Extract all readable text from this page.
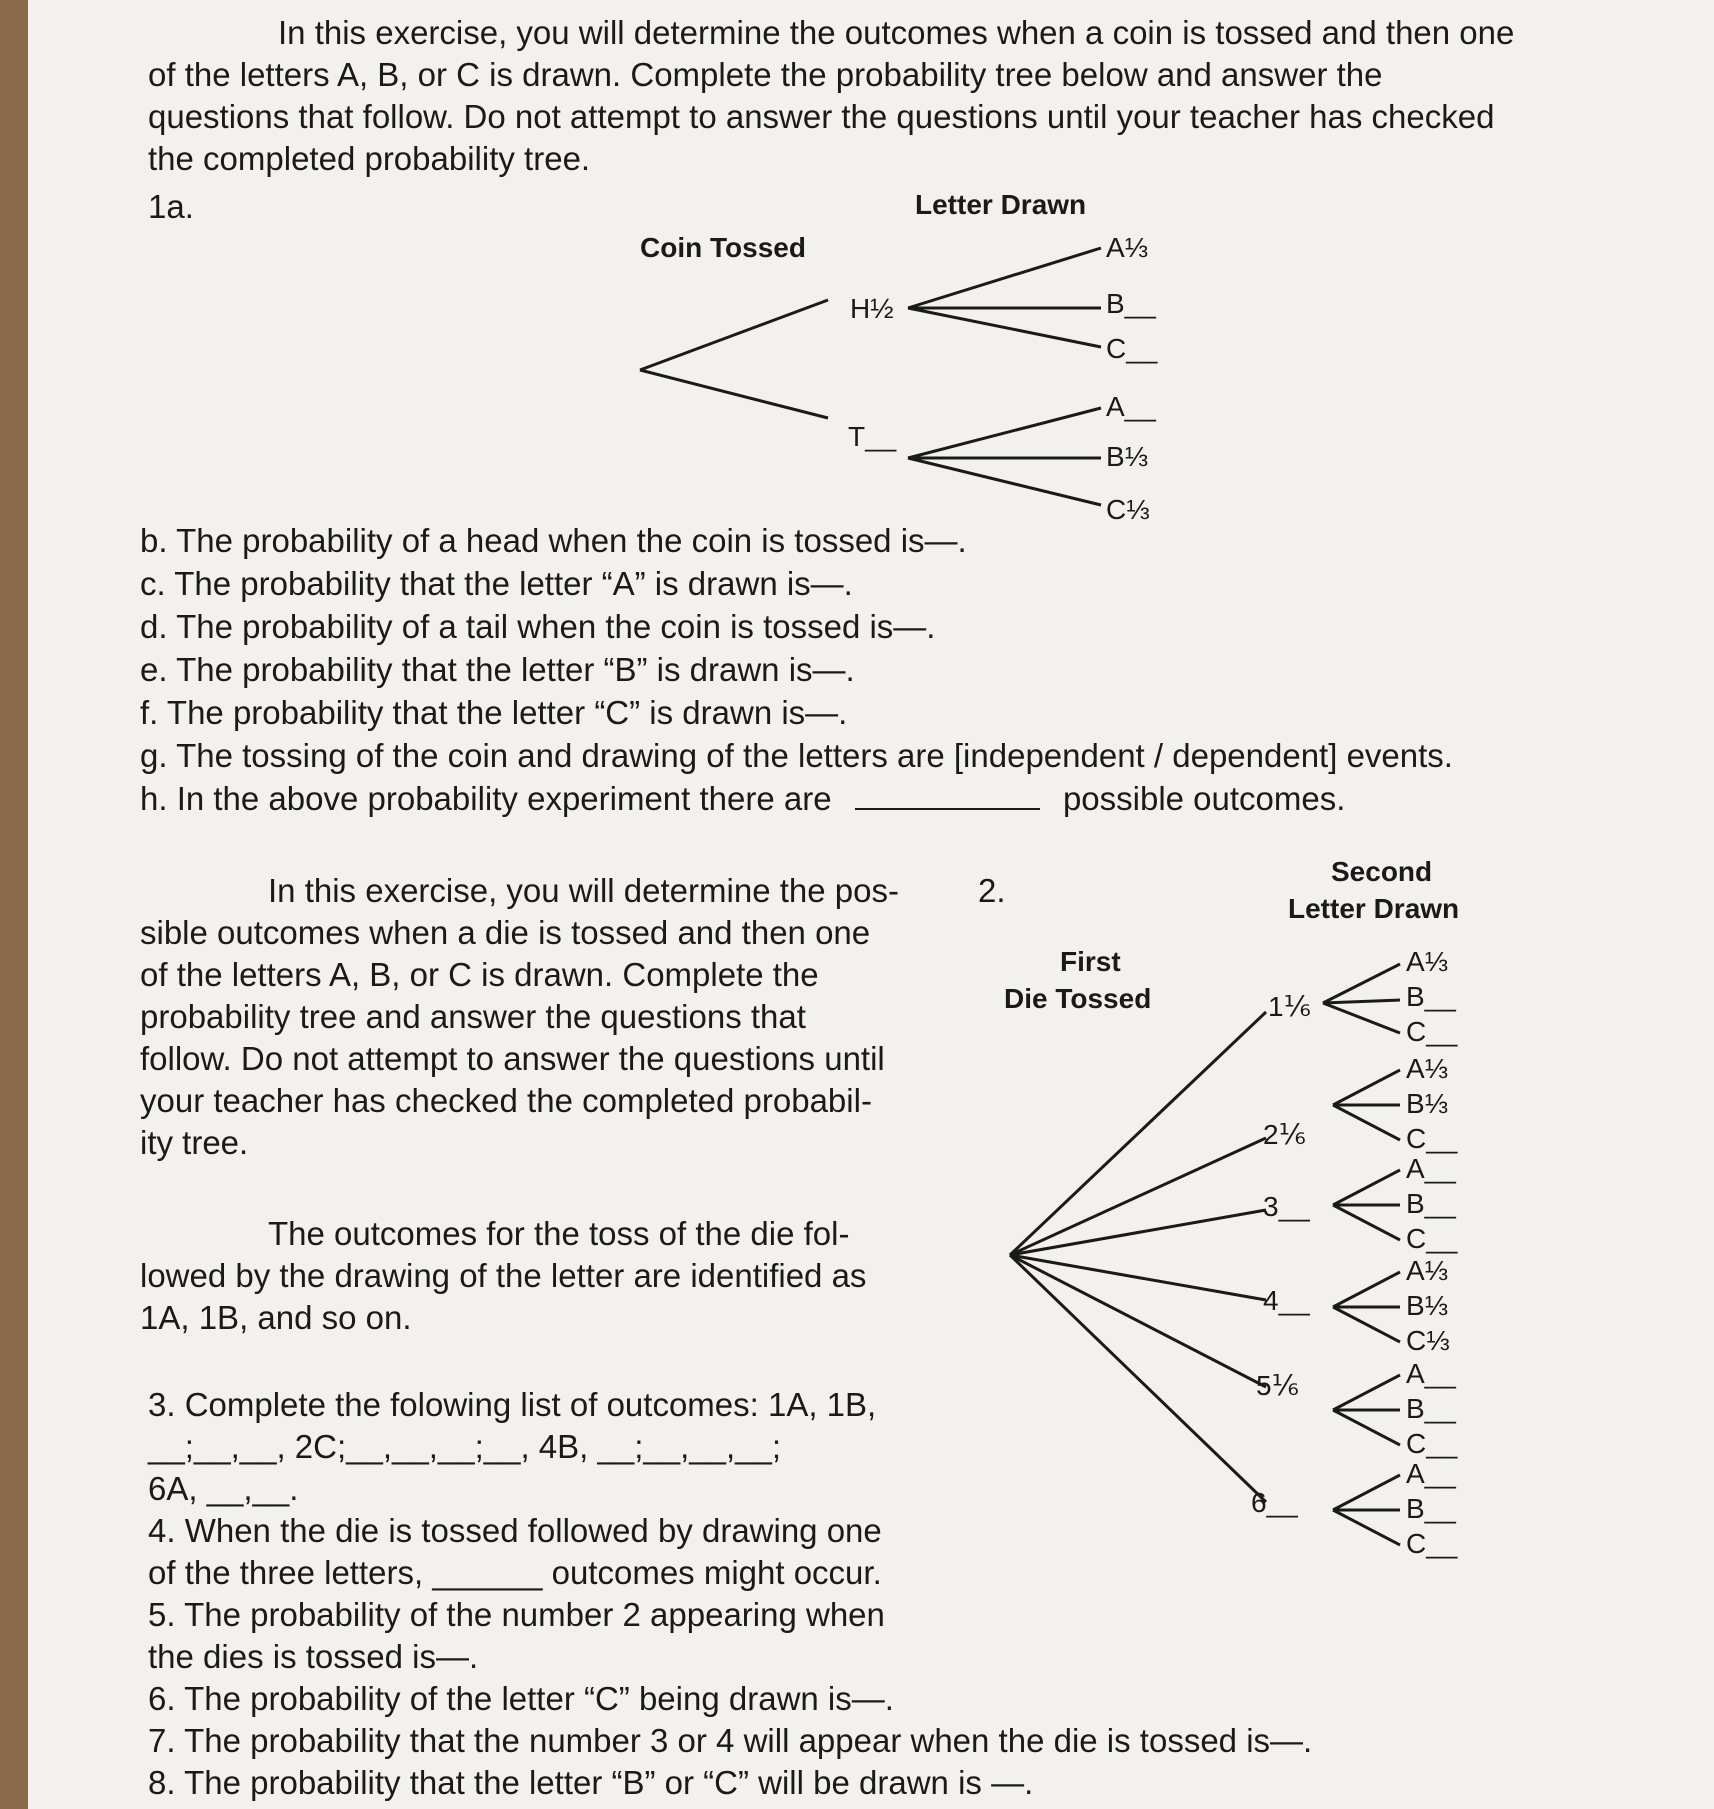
In this exercise, you will determine the outcomes when a coin is tossed and then one
of the letters A, B, or C is drawn. Complete the probability tree below and answer the
questions that follow. Do not attempt to answer the questions until your teacher has checked
the completed probability tree.
1a.	Letter Drawn
Coin Tossed
H½
T__
A⅓
B__
C__
A__
B⅓
C⅓
b. The probability of a head when the coin is tossed is—.
c. The probability that the letter “A” is drawn is—.
d. The probability of a tail when the coin is tossed is—.
e. The probability that the letter “B” is drawn is—.
f. The probability that the letter “C” is drawn is—.
g. The tossing of the coin and drawing of the letters are [independent / dependent] events.
h. In the above probability experiment there are	possible outcomes.
2.
In this exercise, you will determine the pos-
sible outcomes when a die is tossed and then one
of the letters A, B, or C is drawn. Complete the
probability tree and answer the questions that
follow. Do not attempt to answer the questions until
your teacher has checked the completed probabil-
ity tree.
The outcomes for the toss of the die fol-
lowed by the drawing of the letter are identified as
1A, 1B, and so on.
Second
Letter Drawn
First
Die Tossed	1⅙
2⅙
3__
4__
5⅙
6__
A⅓
B__
C__
A⅓
B⅓
C__
A__
B__
C__
A⅓
B⅓
C⅓
A__
B__
C__
A__
B__
C__
3. Complete the folowing list of outcomes: 1A, 1B,
__;__,__, 2C;__,__,__;__, 4B, __;__,__,__;
6A, __,__.
4. When the die is tossed followed by drawing one
of the three letters, ______ outcomes might occur.
5. The probability of the number 2 appearing when
the dies is tossed is—.
6. The probability of the letter “C” being drawn is—.
7. The probability that the number 3 or 4 will appear when the die is tossed is—.
8. The probability that the letter “B” or “C” will be drawn is —.
